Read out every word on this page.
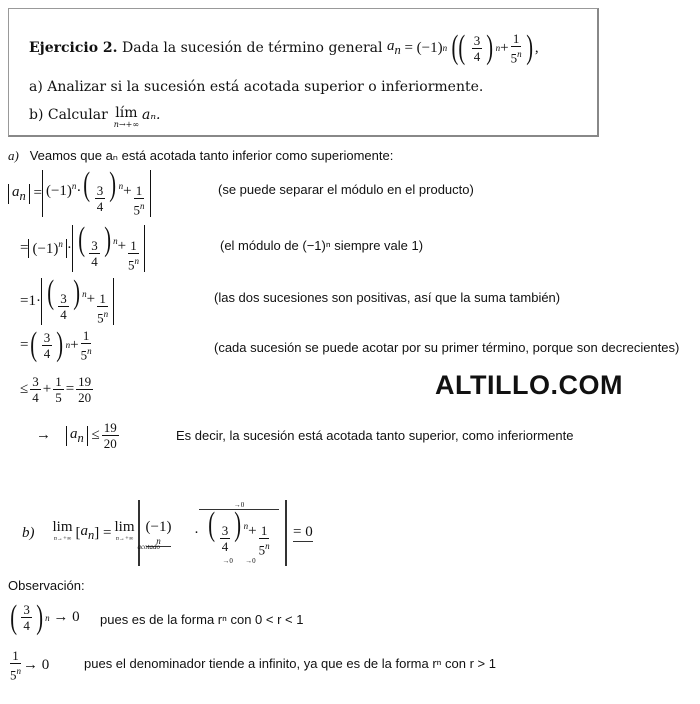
Ejercicio 2.
Dada la sucesión de término general
$a_n = (-1)$ n (( 3
4 ) n +
1
5$^n$ ) ,
a) Analizar si la sucesión está acotada superior o inferiormente.
b) Calcular lím
n→+∞
aₙ.
a) Veamos que aₙ está acotada tanto inferior como superiomente:
$a_n = (-1)^n\cdot( \frac{3}{4}$ ) $^n+ \frac{1}{5^n}$	(se puede separar el módulo en el producto)
= $(-1)^n$ · ( $\frac{3}{4}$ ) $^n+ \frac{1}{5^n}$	(el módulo de (−1)ⁿ siempre vale 1)
=1· ( $\frac{3}{4}$ ) $^n+ \frac{1}{5^n}$	(las dos sucesiones son positivas, así que la suma también)
= ( 3
4 ) n +
1
5$^n$	(cada sucesión se puede acotar por su primer término, porque son decrecientes)
≤ 3
4
+ 1
5
= $\frac{19}{20}$	ALTILLO.COM
→ $a_n \le 19$
20
Es decir, la sucesión está acotada tanto superior, como inferiormente
b)
lim
n→+∞ [ $a_n$ ] = lim
n→+∞
(−1)
n
acotado
·
→0
( $\frac{3}{4}$ ) $^n+ \frac{1}{5^n}$
→0       →0
= 0
Observación:
( 3
4 ) n → 0 pues es de la forma rⁿ con 0 < r < 1
1
$5^n \to 0$	pues el denominador tiende a infinito, ya que es de la forma rⁿ con r > 1
